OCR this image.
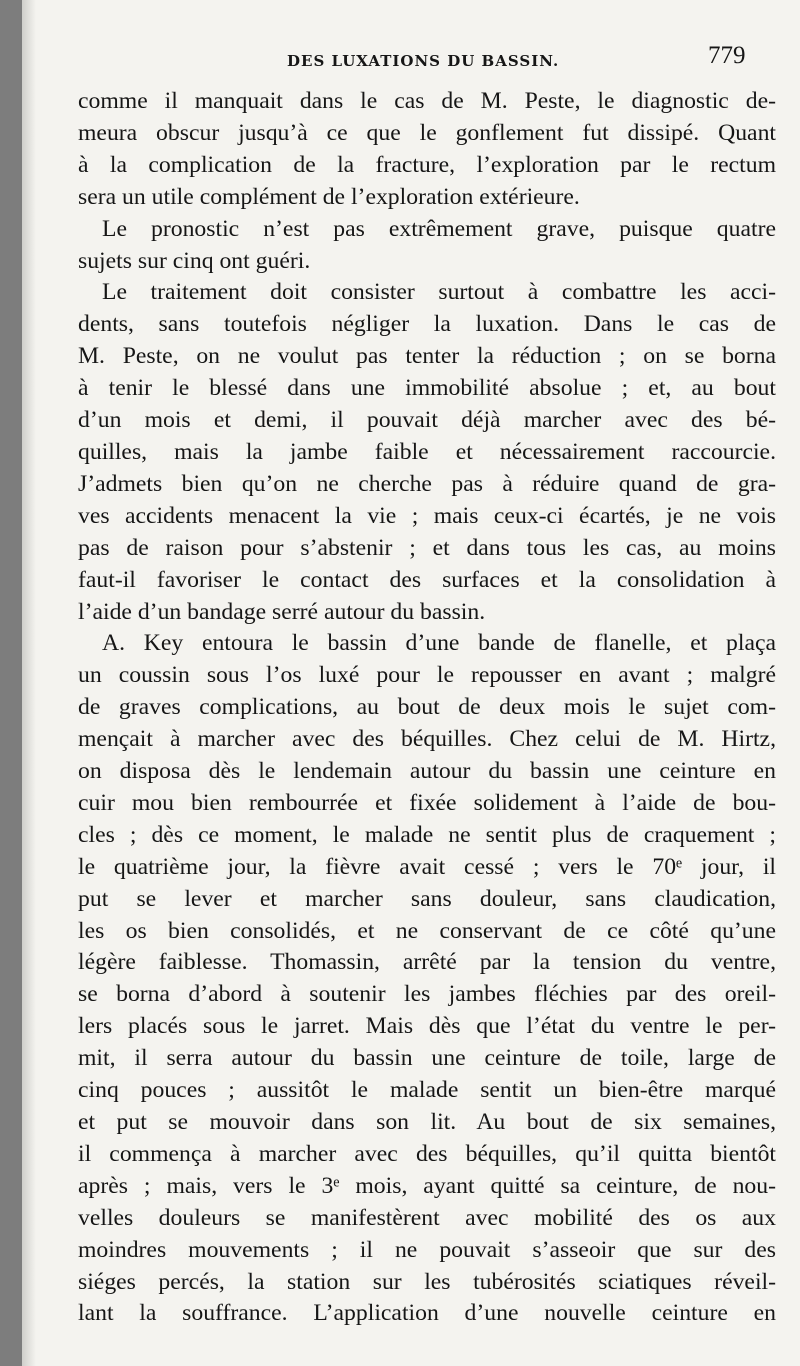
DES LUXATIONS DU BASSIN.	779
comme il manquait dans le cas de M. Peste, le diagnostic de-
meura obscur jusqu’à ce que le gonflement fut dissipé. Quant
à la complication de la fracture, l’exploration par le rectum
sera un utile complément de l’exploration extérieure.
Le pronostic n’est pas extrêmement grave, puisque quatre
sujets sur cinq ont guéri.
Le traitement doit consister surtout à combattre les acci-
dents, sans toutefois négliger la luxation. Dans le cas de
M. Peste, on ne voulut pas tenter la réduction ; on se borna
à tenir le blessé dans une immobilité absolue ; et, au bout
d’un mois et demi, il pouvait déjà marcher avec des bé-
quilles, mais la jambe faible et nécessairement raccourcie.
J’admets bien qu’on ne cherche pas à réduire quand de gra-
ves accidents menacent la vie ; mais ceux-ci écartés, je ne vois
pas de raison pour s’abstenir ; et dans tous les cas, au moins
faut-il favoriser le contact des surfaces et la consolidation à
l’aide d’un bandage serré autour du bassin.
A. Key entoura le bassin d’une bande de flanelle, et plaça
un coussin sous l’os luxé pour le repousser en avant ; malgré
de graves complications, au bout de deux mois le sujet com-
mençait à marcher avec des béquilles. Chez celui de M. Hirtz,
on disposa dès le lendemain autour du bassin une ceinture en
cuir mou bien rembourrée et fixée solidement à l’aide de bou-
cles ; dès ce moment, le malade ne sentit plus de craquement ;
le quatrième jour, la fièvre avait cessé ; vers le 70ᵉ jour, il
put se lever et marcher sans douleur, sans claudication,
les os bien consolidés, et ne conservant de ce côté qu’une
légère faiblesse. Thomassin, arrêté par la tension du ventre,
se borna d’abord à soutenir les jambes fléchies par des oreil-
lers placés sous le jarret. Mais dès que l’état du ventre le per-
mit, il serra autour du bassin une ceinture de toile, large de
cinq pouces ; aussitôt le malade sentit un bien-être marqué
et put se mouvoir dans son lit. Au bout de six semaines,
il commença à marcher avec des béquilles, qu’il quitta bientôt
après ; mais, vers le 3ᵉ mois, ayant quitté sa ceinture, de nou-
velles douleurs se manifestèrent avec mobilité des os aux
moindres mouvements ; il ne pouvait s’asseoir que sur des
siéges percés, la station sur les tubérosités sciatiques réveil-
lant la souffrance. L’application d’une nouvelle ceinture en
